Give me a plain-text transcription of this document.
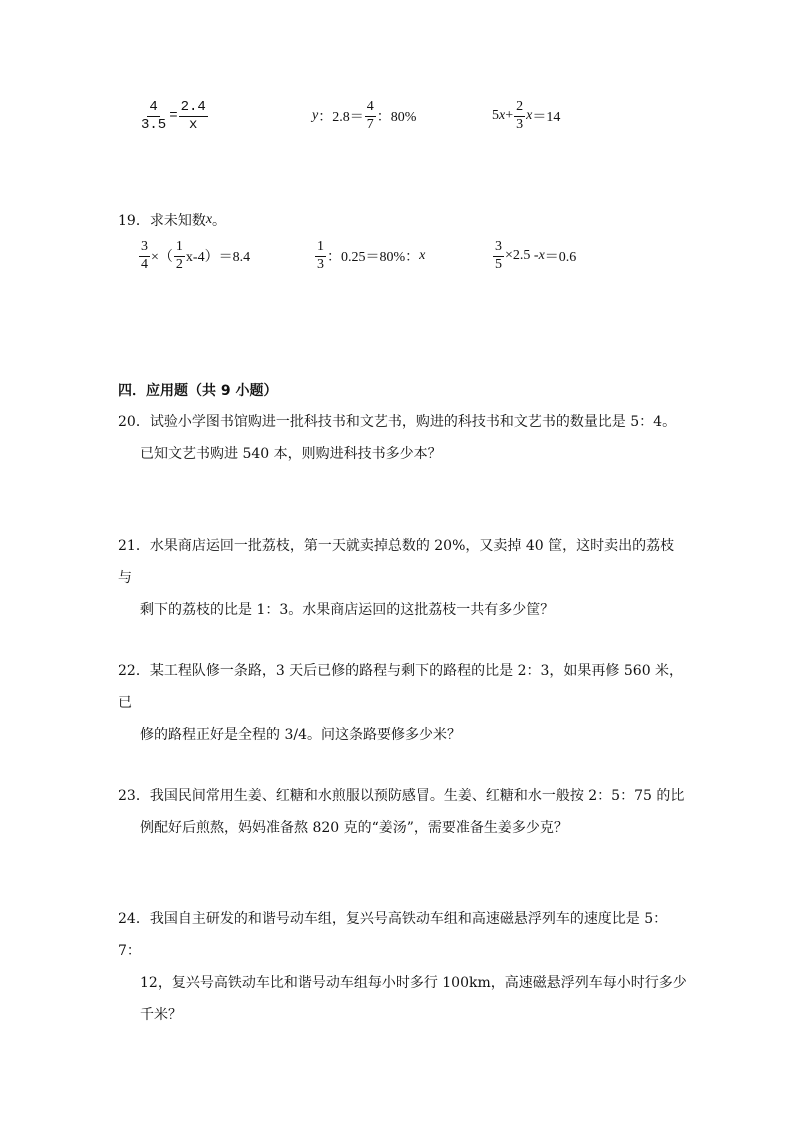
$\frac{4}{3.5} = \frac{2.4}{x}$	y ：$2.8= \frac{4}{7}$ ：80%	5 $x + \frac{2}{3}$ x ＝14
19．求未知数 x 。
$\frac{3}{4}$ ×（ $\frac{1}{2} x-4)=8.4$	$\frac{1}{3}$ ：0.25＝80%： x	$\frac{3}{5} \times 2.5 - x =0.6$
四．应用题（共 9 小题）
20．试验小学图书馆购进一批科技书和文艺书，购进的科技书和文艺书的数量比是 5：4。
已知文艺书购进 540 本，则购进科技书多少本？
21．水果商店运回一批荔枝，第一天就卖掉总数的 20%，又卖掉 40 筐，这时卖出的荔枝与
剩下的荔枝的比是 1：3。水果商店运回的这批荔枝一共有多少筐？
22．某工程队修一条路，3 天后已修的路程与剩下的路程的比是 2：3，如果再修 560 米，已
修的路程正好是全程的 3/4。问这条路要修多少米？
23．我国民间常用生姜、红糖和水煎服以预防感冒。生姜、红糖和水一般按 2：5：75 的比
例配好后煎熬，妈妈准备熬 820 克的“姜汤”，需要准备生姜多少克？
24．我国自主研发的和谐号动车组，复兴号高铁动车组和高速磁悬浮列车的速度比是 5：7：
12，复兴号高铁动车比和谐号动车组每小时多行 100km，高速磁悬浮列车每小时行多少
千米？
